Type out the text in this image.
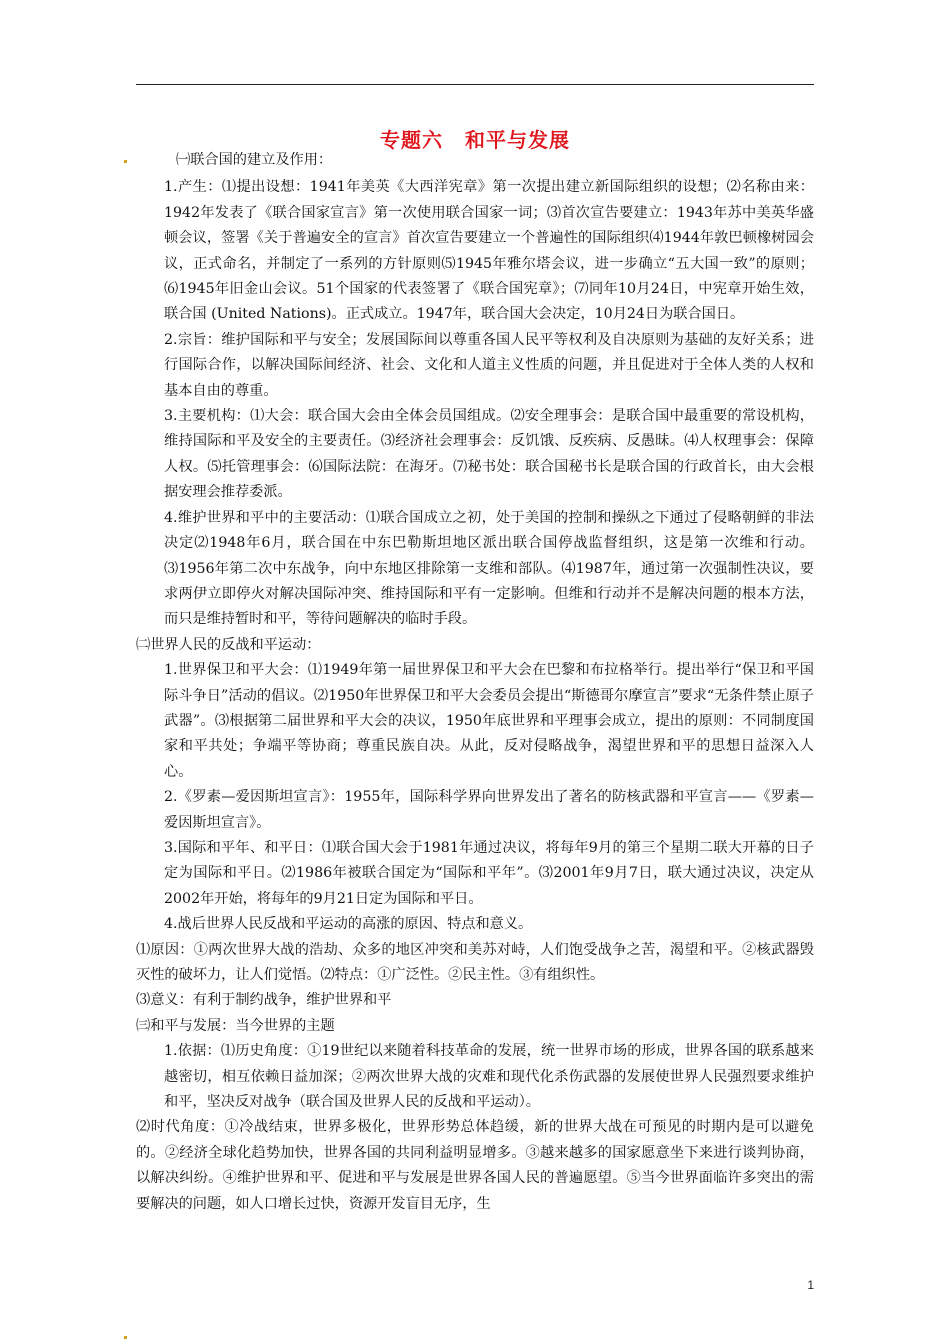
专题六 和平与发展

㈠联合国的建立及作用：

1.产生：⑴提出设想：1941年美英《大西洋宪章》第一次提出建立新国际组织的设想；⑵名称由来：1942年发表了《联合国家宣言》第一次使用联合国家一词；⑶首次宣告要建立：1943年苏中美英华盛顿会议，签署《关于普遍安全的宣言》首次宣告要建立一个普遍性的国际组织⑷1944年敦巴顿橡树园会议，正式命名，并制定了一系列的方针原则⑸1945年雅尔塔会议，进一步确立“五大国一致”的原则；⑹1945年旧金山会议。51个国家的代表签署了《联合国宪章》；⑺同年10月24日，中宪章开始生效，联合国 (United Nations)。正式成立。1947年，联合国大会决定，10月24日为联合国日。

2.宗旨：维护国际和平与安全；发展国际间以尊重各国人民平等权利及自决原则为基础的友好关系；进行国际合作，以解决国际间经济、社会、文化和人道主义性质的问题，并且促进对于全体人类的人权和基本自由的尊重。

3.主要机构：⑴大会：联合国大会由全体会员国组成。⑵安全理事会：是联合国中最重要的常设机构，维持国际和平及安全的主要责任。⑶经济社会理事会：反饥饿、反疾病、反愚昧。⑷人权理事会：保障人权。⑸托管理事会：⑹国际法院：在海牙。⑺秘书处：联合国秘书长是联合国的行政首长，由大会根据安理会推荐委派。

4.维护世界和平中的主要活动：⑴联合国成立之初，处于美国的控制和操纵之下通过了侵略朝鲜的非法决定⑵1948年6月，联合国在中东巴勒斯坦地区派出联合国停战监督组织，这是第一次维和行动。⑶1956年第二次中东战争，向中东地区排除第一支维和部队。⑷1987年，通过第一次强制性决议，要求两伊立即停火对解决国际冲突、维持国际和平有一定影响。但维和行动并不是解决问题的根本方法，而只是维持暂时和平，等待问题解决的临时手段。

㈡世界人民的反战和平运动：

1.世界保卫和平大会：⑴1949年第一届世界保卫和平大会在巴黎和布拉格举行。提出举行“保卫和平国际斗争日”活动的倡议。⑵1950年世界保卫和平大会委员会提出“斯德哥尔摩宣言”要求“无条件禁止原子武器”。⑶根据第二届世界和平大会的决议，1950年底世界和平理事会成立，提出的原则：不同制度国家和平共处；争端平等协商；尊重民族自决。从此，反对侵略战争，渴望世界和平的思想日益深入人心。

2.《罗素—爱因斯坦宣言》：1955年，国际科学界向世界发出了著名的防核武器和平宣言——《罗素—爱因斯坦宣言》。

3.国际和平年、和平日：⑴联合国大会于1981年通过决议，将每年9月的第三个星期二联大开幕的日子定为国际和平日。⑵1986年被联合国定为“国际和平年”。⑶2001年9月7日，联大通过决议，决定从2002年开始，将每年的9月21日定为国际和平日。

4.战后世界人民反战和平运动的高涨的原因、特点和意义。

⑴原因：①两次世界大战的浩劫、众多的地区冲突和美苏对峙，人们饱受战争之苦，渴望和平。②核武器毁灭性的破坏力，让人们觉悟。⑵特点：①广泛性。②民主性。③有组织性。

⑶意义：有利于制约战争，维护世界和平

㈢和平与发展：当今世界的主题

1.依据：⑴历史角度：①19世纪以来随着科技革命的发展，统一世界市场的形成，世界各国的联系越来越密切，相互依赖日益加深；②两次世界大战的灾难和现代化杀伤武器的发展使世界人民强烈要求维护和平，坚决反对战争（联合国及世界人民的反战和平运动）。

⑵时代角度：①冷战结束，世界多极化，世界形势总体趋缓，新的世界大战在可预见的时期内是可以避免的。②经济全球化趋势加快，世界各国的共同利益明显增多。③越来越多的国家愿意坐下来进行谈判协商，以解决纠纷。④维护世界和平、促进和平与发展是世界各国人民的普遍愿望。⑤当今世界面临许多突出的需要解决的问题，如人口增长过快，资源开发盲目无序，生

1
